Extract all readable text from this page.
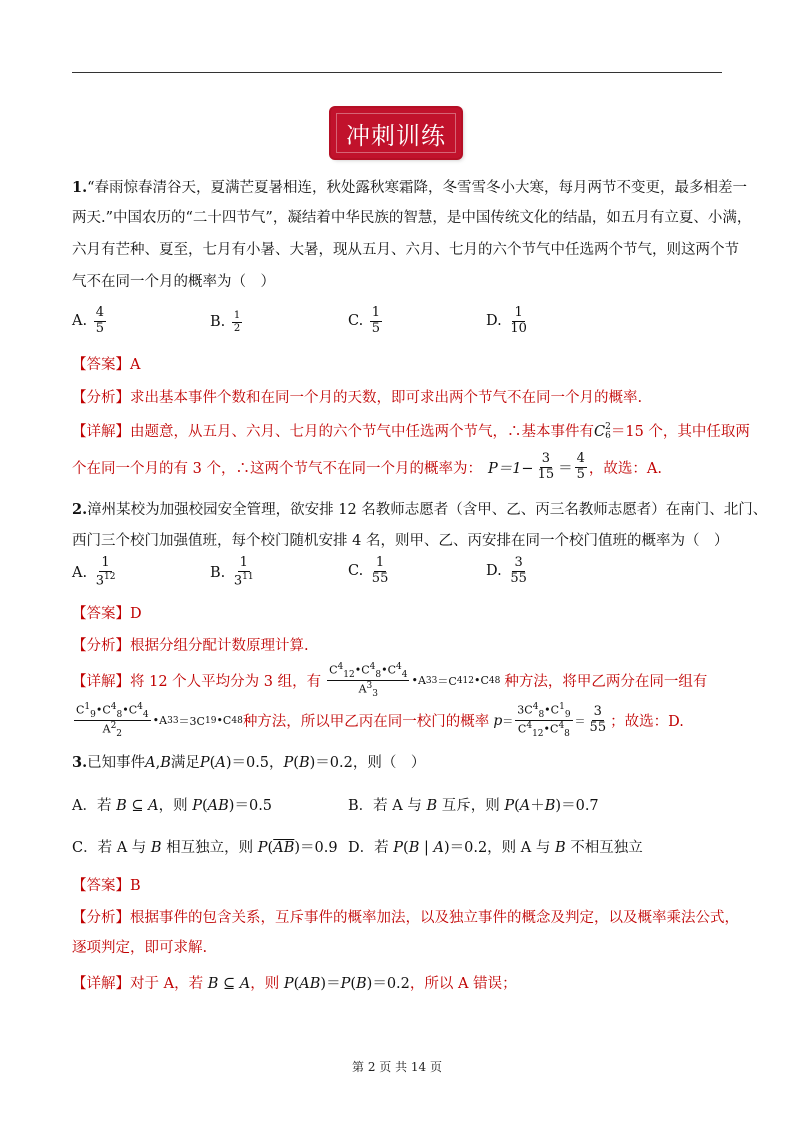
冲刺训练
1.“春雨惊春清谷天，夏满芒夏暑相连，秋处露秋寒霜降，冬雪雪冬小大寒，每月两节不变更，最多相差一
两天.”中国农历的“二十四节气”，凝结着中华民族的智慧，是中国传统文化的结晶，如五月有立夏、小满，
六月有芒种、夏至，七月有小暑、大暑，现从五月、六月、七月的六个节气中任选两个节气，则这两个节
气不在同一个月的概率为（　）
A.
$\frac{4}{5}$	B.
$\frac{1}{2}$	C.
$\frac{1}{5}$	D.
$\frac{1}{10}$
【答案】A
【分析】求出基本事件个数和在同一个月的天数，即可求出两个节气不在同一个月的概率.
【详解】由题意，从五月、六月、七月的六个节气中任选两个节气，∴基本事件有C 2
6 ＝15 个，其中任取两
个在同一个月的有 3 个，∴这两个节气不在同一个月的概率为： $P=1- \frac{3}{15} = \frac{4}{5}$ ，故选：A.
2.漳州某校为加强校园安全管理，欲安排 12 名教师志愿者（含甲、乙、丙三名教师志愿者）在南门、北门、
西门三个校门加强值班，每个校门随机安排 4 名，则甲、乙、丙安排在同一个校门值班的概率为（　）
A.
$\frac{1}{3^{12}}$	B.
$\frac{1}{3^{11}}$	C.
$\frac{1}{55}$	D.
$\frac{3}{55}$
【答案】D
【分析】根据分组分配计数原理计算.
【详解】 将 12 个人平均分为 3 组，有 $\frac{C^4_{12}•C^4_8•C^4_4}{A^3_3}$ •A 3 3 ＝C 4 12 •C 4 8 种方法，将甲乙两分在同一组有
$\frac{C^1_9•C^4_8•C^4_4}{A^2_2}$ •A 3 3 ＝3C 1 9 •C 4 8 种方法，所以甲乙丙在同一校门的概率 $p = \frac{3C^4_8•C^1_9}{C^4_{12}•C^4_8} = \frac{3}{55}$ ；故选：D.
3.已知事件A,B满足P(A)＝0.5，P(B)＝0.2，则（　）
A．若 B ⊆ A，则 P(AB)＝0.5	B．若 A 与 B 互斥，则 P(A＋B)＝0.7
C．若 A 与 B 相互独立，则 $P(\overline{AB})=0.9$ D．若 P(B | A)＝0.2，则 A 与 B 不相互独立
【答案】B
【分析】根据事件的包含关系，互斥事件的概率加法，以及独立事件的概念及判定，以及概率乘法公式，
逐项判定，即可求解.
【详解】对于 A，若 B ⊆ A，则 P(AB)＝P(B)＝0.2，所以 A 错误；
第 2 页 共 14 页
